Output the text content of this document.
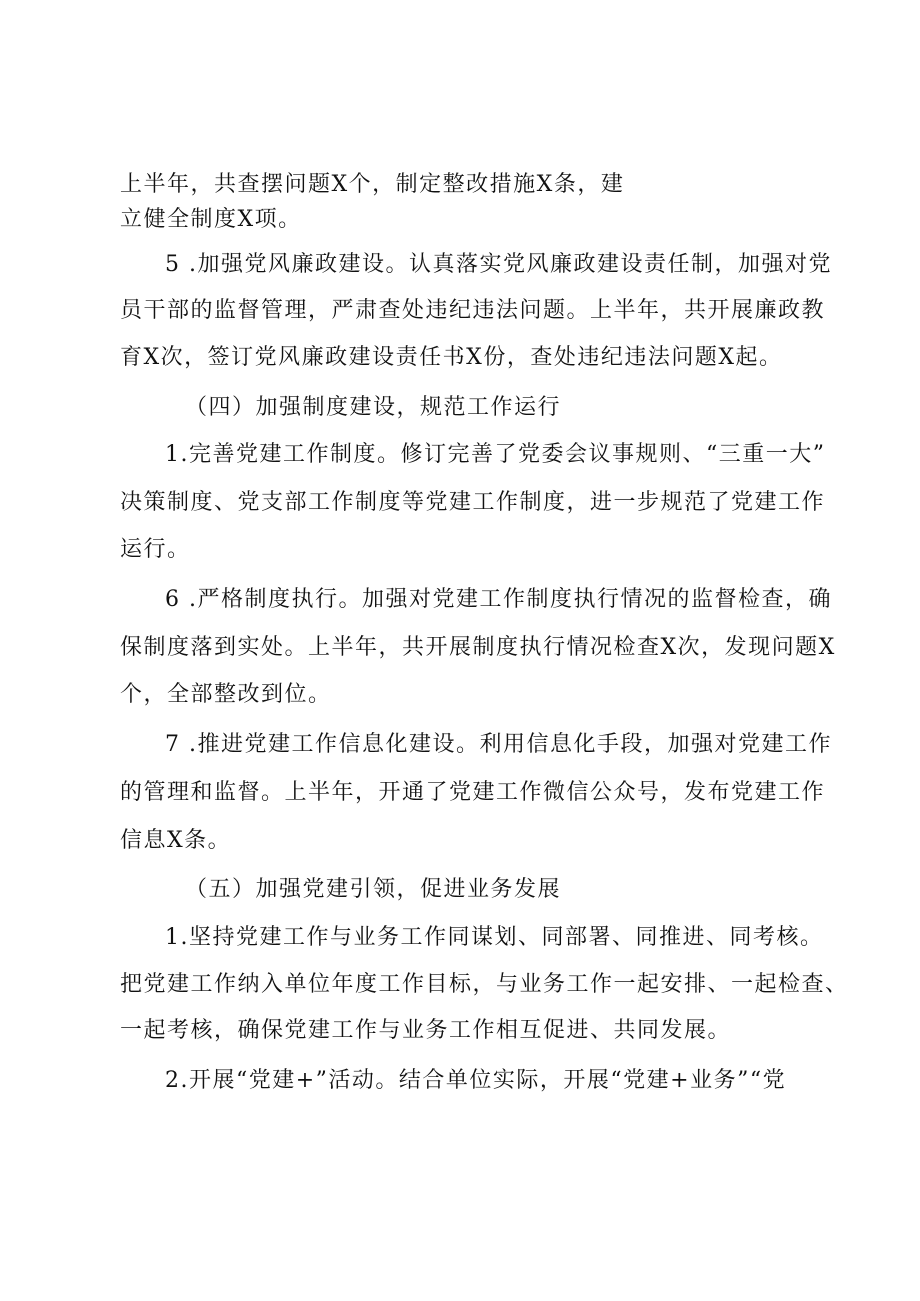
上半年，共查摆问题X个，制定整改措施X条，建
立健全制度X项。
5 .加强党风廉政建设。认真落实党风廉政建设责任制，加强对党
员干部的监督管理，严肃查处违纪违法问题。上半年，共开展廉政教
育X次，签订党风廉政建设责任书X份，查处违纪违法问题X起。
（四）加强制度建设，规范工作运行
1.完善党建工作制度。修订完善了党委会议事规则、“三重一大”
决策制度、党支部工作制度等党建工作制度，进一步规范了党建工作
运行。
6 .严格制度执行。加强对党建工作制度执行情况的监督检查，确
保制度落到实处。上半年，共开展制度执行情况检查X次，发现问题X
个，全部整改到位。
7 .推进党建工作信息化建设。利用信息化手段，加强对党建工作
的管理和监督。上半年，开通了党建工作微信公众号，发布党建工作
信息X条。
（五）加强党建引领，促进业务发展
1.坚持党建工作与业务工作同谋划、同部署、同推进、同考核。
把党建工作纳入单位年度工作目标，与业务工作一起安排、一起检查、
一起考核，确保党建工作与业务工作相互促进、共同发展。
2.开展“党建+”活动。结合单位实际，开展“党建+业务”“党
